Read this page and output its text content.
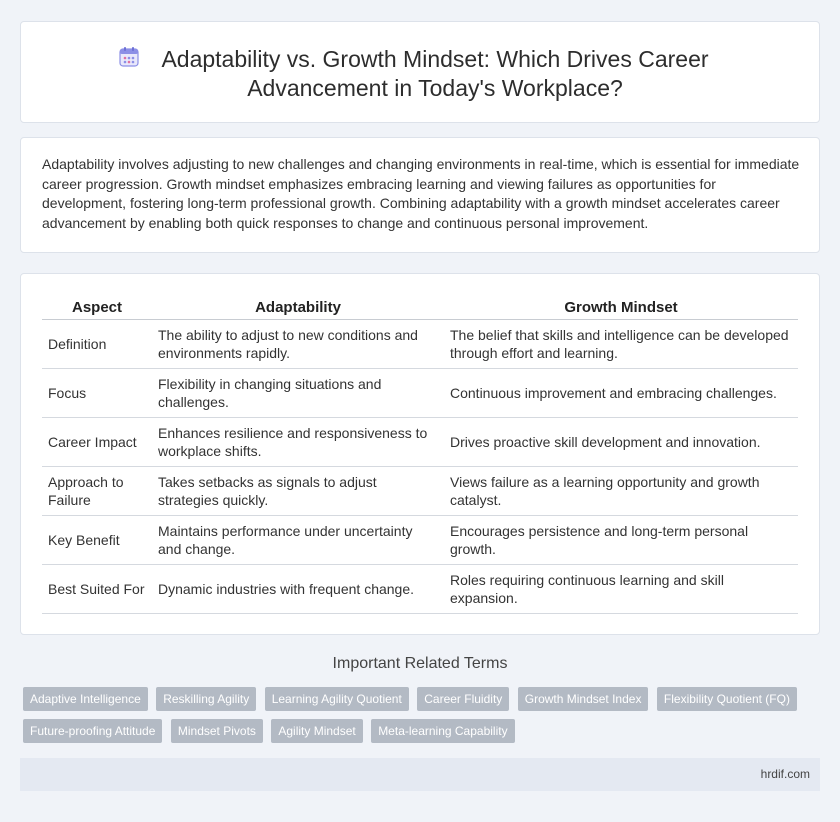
Adaptability vs. Growth Mindset: Which Drives Career Advancement in Today's Workplace?

Adaptability involves adjusting to new challenges and changing environments in real-time, which is essential for immediate career progression. Growth mindset emphasizes embracing learning and viewing failures as opportunities for development, fostering long-term professional growth. Combining adaptability with a growth mindset accelerates career advancement by enabling both quick responses to change and continuous personal improvement.

Aspect	Adaptability	Growth Mindset
Definition	The ability to adjust to new conditions and environments rapidly.	The belief that skills and intelligence can be developed through effort and learning.
Focus	Flexibility in changing situations and challenges.	Continuous improvement and embracing challenges.
Career Impact	Enhances resilience and responsiveness to workplace shifts.	Drives proactive skill development and innovation.
Approach to Failure	Takes setbacks as signals to adjust strategies quickly.	Views failure as a learning opportunity and growth catalyst.
Key Benefit	Maintains performance under uncertainty and change.	Encourages persistence and long-term personal growth.
Best Suited For	Dynamic industries with frequent change.	Roles requiring continuous learning and skill expansion.
Important Related Terms
Adaptive Intelligence Reskilling Agility Learning Agility Quotient Career Fluidity Growth Mindset Index Flexibility Quotient (FQ) Future-proofing Attitude Mindset Pivots Agility Mindset Meta-learning Capability
hrdif.com
